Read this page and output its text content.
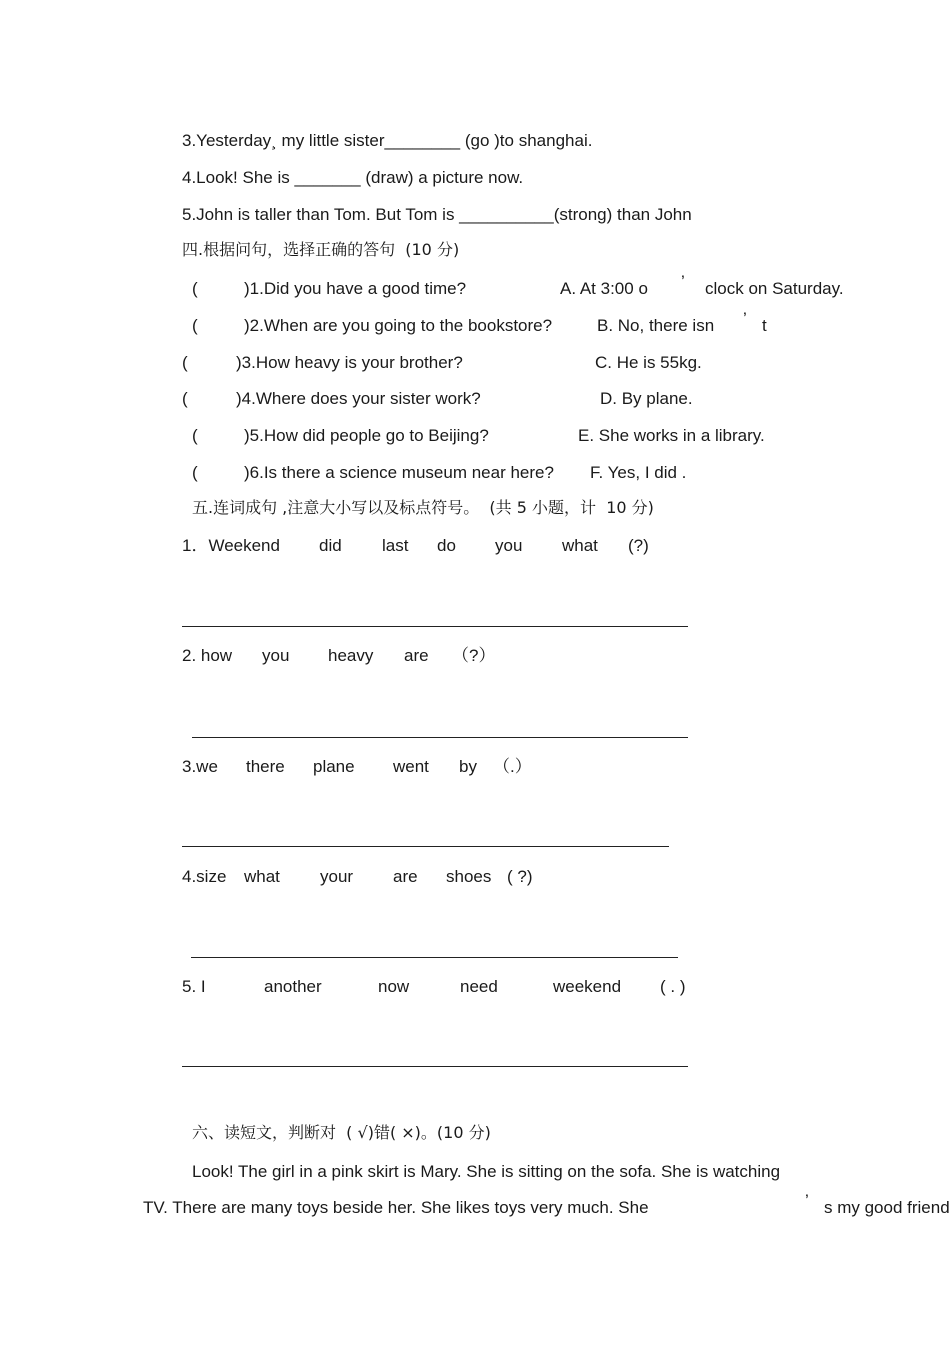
3.Yesterday¸ my little sister________ (go )to shanghai.
4.Look! She is _______ (draw) a picture now.
5.John is taller than Tom. But Tom is __________(strong) than John
四.根据问句，选择正确的答句  (10 分)
(	)1.Did you have a good time?	A. At 3:00 o ’ clock on Saturday.
(	)2.When are you going to the bookstore?	B. No, there isn ’ t
(	)3.How heavy is your brother?	C. He is 55kg.
(	)4.Where does your sister work?	D. By plane.
(	)5.How did people go to Beijing?	E. She works in a library.
(	)6.Is there a science museum near here? F. Yes, I did .
五.连词成句 ,注意大小写以及标点符号。  (共 5 小题，计  10 分)
1．Weekend did last do you what (?)
2. how you heavy are （?）
3.we there plane went by （.）
4.size what your are shoes ( ?)
5. I	another	now	need	weekend ( . )
六、读短文，判断对  ( √)错( ×)。(10 分)
Look! The girl in a pink skirt is Mary. She is sitting on the sofa. She is watching
TV. There are many toys beside her. She likes toys very much. She	’ s my good friend
